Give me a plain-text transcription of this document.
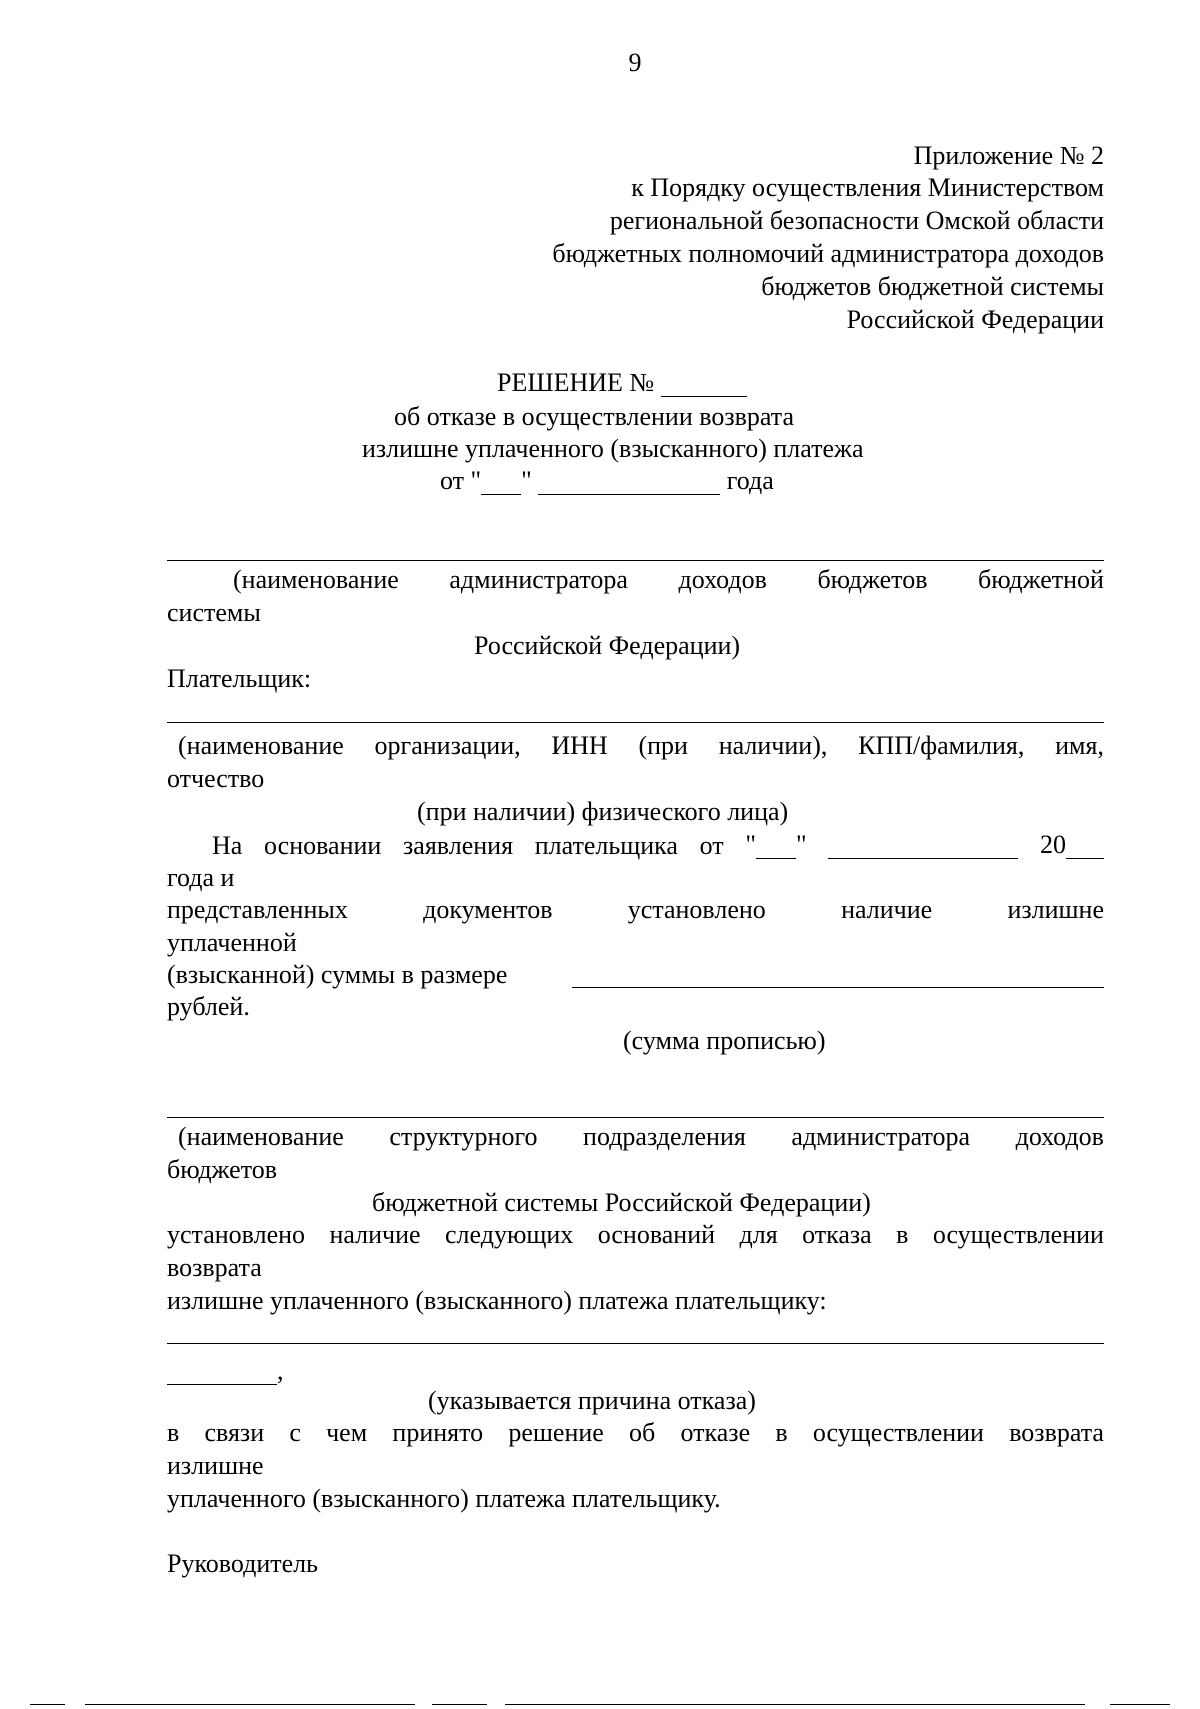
9
Приложение № 2
к Порядку осуществления Министерством
региональной безопасности Омской области
бюджетных полномочий администратора доходов
бюджетов бюджетной системы
Российской Федерации
РЕШЕНИЕ №
об отказе в осуществлении возврата
излишне уплаченного (взысканного) платежа
от " "	года
(наименование администратора доходов бюджетов бюджетной
системы
Российской Федерации)
Плательщик:
(наименование организации, ИНН (при наличии), КПП/фамилия, имя,
отчество
(при наличии) физического лица)
На основании заявления плательщика от " "	20
года и
представленных	документов	установлено	наличие	излишне
уплаченной
(взысканной) суммы в размере
рублей.
(сумма прописью)
(наименование структурного подразделения администратора доходов
бюджетов
бюджетной системы Российской Федерации)
установлено наличие следующих оснований для отказа в осуществлении
возврата
излишне уплаченного (взысканного) платежа плательщику:
,
(указывается причина отказа)
в связи с чем принято решение об отказе в осуществлении возврата
излишне
уплаченного (взысканного) платежа плательщику.
Руководитель
